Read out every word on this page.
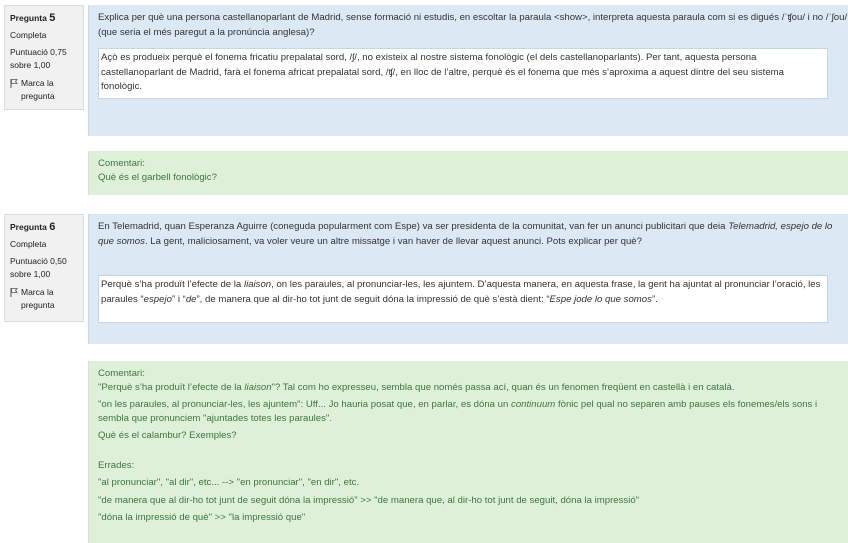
Pregunta 5
Completa
Puntuació 0,75
sobre 1,00
Marca la
pregunta
Explica per què una persona castellanoparlant de Madrid, sense formació ni estudis, en escoltar la paraula <show>, interpreta aquesta paraula com si es digués /ˈʧou/ i no /ˈʃou/ (que seria el més paregut a la pronúncia anglesa)?
Açò es produeix perquè el fonema fricatiu prepalatal sord, /ʃ/, no existeix al nostre sistema fonològic (el dels castellanoparlants). Per tant, aquesta persona castellanoparlant de Madrid, farà el fonema africat prepalatal sord, /ʧ/, en lloc de l’altre, perquè és el fonema que més s’aproxima a aquest dintre del seu sistema fonològic.
Comentari:
Què és el garbell fonològic?
Pregunta 6
Completa
Puntuació 0,50
sobre 1,00
Marca la
pregunta
En Telemadrid, quan Esperanza Aguirre (coneguda popularment com Espe) va ser presidenta de la comunitat, van fer un anunci publicitari que deia Telemadrid, espejo de lo que somos. La gent, maliciosament, va voler veure un altre missatge i van haver de llevar aquest anunci. Pots explicar per què?
Perquè s’ha produït l’efecte de la liaison, on les paraules, al pronunciar-les, les ajuntem. D’aquesta manera, en aquesta frase, la gent ha ajuntat al pronunciar l’oració, les paraules “espejo” i “de”, de manera que al dir-ho tot junt de seguit dóna la impressió de què s’està dient: “Espe jode lo que somos”.

Comentari:

"Perquè s’ha produït l’efecte de la liaison"? Tal com ho expresseu, sembla que només passa ací, quan és un fenomen freqüent en castellà i en català.

"on les paraules, al pronunciar-les, les ajuntem": Uff... Jo hauria posat que, en parlar, es dóna un continuum fònic pel qual no separen amb pauses els fonemes/els sons i sembla que pronunciem "ajuntades totes les paraules".

Què és el calambur? Exemples?

Errades:

"al pronunciar", "al dir", etc... --> "en pronunciar", "en dir", etc.

"de manera que al dir-ho tot junt de seguit dóna la impressió" >> "de manera que, al dir-ho tot junt de seguit, dóna la impressió"

"dóna la impressió de què" >> "la impressió que"
